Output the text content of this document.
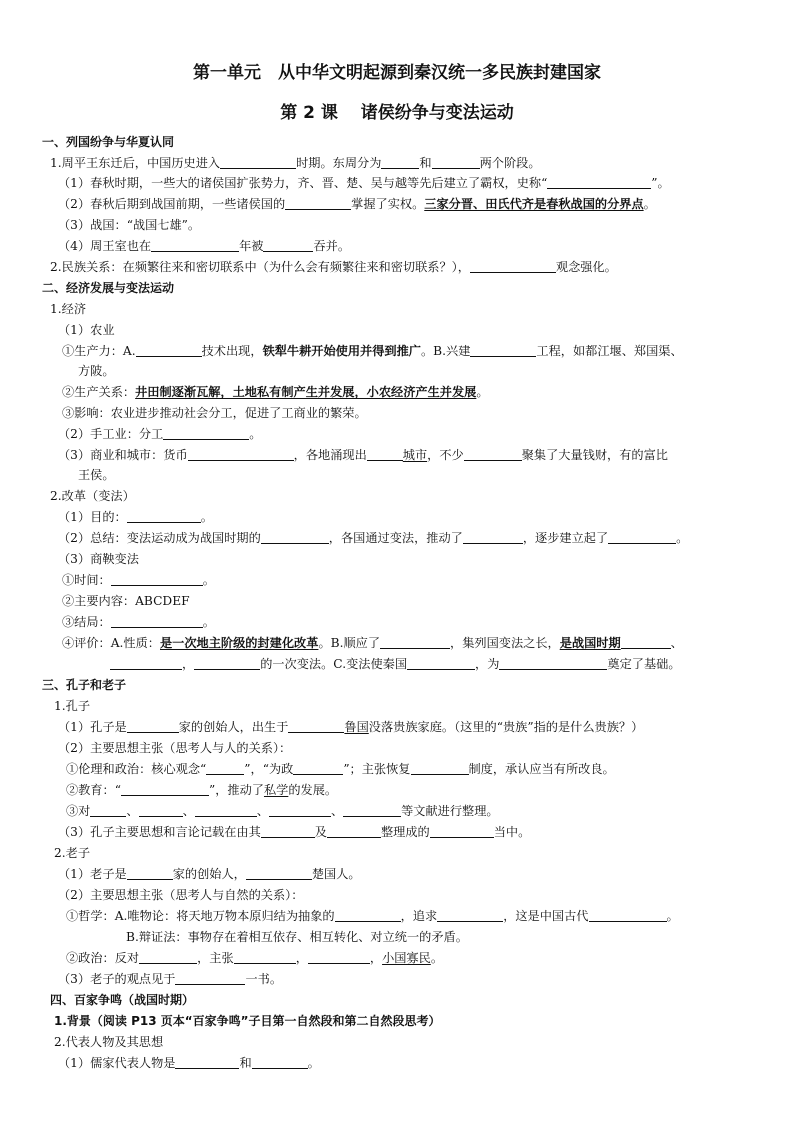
第一单元　从中华文明起源到秦汉统一多民族封建国家
第 2 课　 诸侯纷争与变法运动
一、列国纷争与华夏认同
1.周平王东迁后，中国历史进入	时期。东周分为	和	两个阶段。
（1）春秋时期，一些大的诸侯国扩张势力，齐、晋、楚、吴与越等先后建立了霸权，史称“	”。
（2）春秋后期到战国前期，一些诸侯国的	掌握了实权。三家分晋、田氏代齐是春秋战国的分界点。
（3）战国：“战国七雄”。
（4）周王室也在	年被	吞并。
2.民族关系：在频繁往来和密切联系中（为什么会有频繁往来和密切联系？），	观念强化。
二、经济发展与变法运动
1.经济
（1）农业
①生产力：A.	技术出现，铁犁牛耕开始使用并得到推广。B.兴建	工程，如都江堰、郑国渠、
方陂。
②生产关系：井田制逐渐瓦解，土地私有制产生并发展，小农经济产生并发展。
③影响：农业进步推动社会分工，促进了工商业的繁荣。
（2）手工业：分工	。
（3）商业和城市：货币	，各地涌现出	城市，不少	聚集了大量钱财，有的富比
王侯。
2.改革（变法）
（1）目的：	。
（2）总结：变法运动成为战国时期的	，各国通过变法，推动了	，逐步建立起了	。
（3）商鞅变法
①时间：	。
②主要内容：ABCDEF
③结局：	。
④评价：A.性质：是一次地主阶级的封建化改革。B.顺应了	，集列国变法之长，是战国时期	、
，	的一次变法。C.变法使秦国	，为	奠定了基础。
三、孔子和老子
1.孔子
（1）孔子是	家的创始人，出生于	鲁国没落贵族家庭。（这里的“贵族”指的是什么贵族？）
（2）主要思想主张（思考人与人的关系）：
①伦理和政治：核心观念“	”，“为政	”；主张恢复	制度，承认应当有所改良。
②教育：“	”，推动了私学的发展。
③对	、	、	、	、	等文献进行整理。
（3）孔子主要思想和言论记载在由其	及	整理成的	当中。
2.老子
（1）老子是	家的创始人，	楚国人。
（2）主要思想主张（思考人与自然的关系）：
①哲学：A.唯物论：将天地万物本原归结为抽象的	，追求	，这是中国古代	。
B.辩证法：事物存在着相互依存、相互转化、对立统一的矛盾。
②政治：反对	，主张	，	，小国寡民。
（3）老子的观点见于	一书。
四、百家争鸣（战国时期）
1.背景（阅读 P13 页本“百家争鸣”子目第一自然段和第二自然段思考）
2.代表人物及其思想
（1）儒家代表人物是	和	。
